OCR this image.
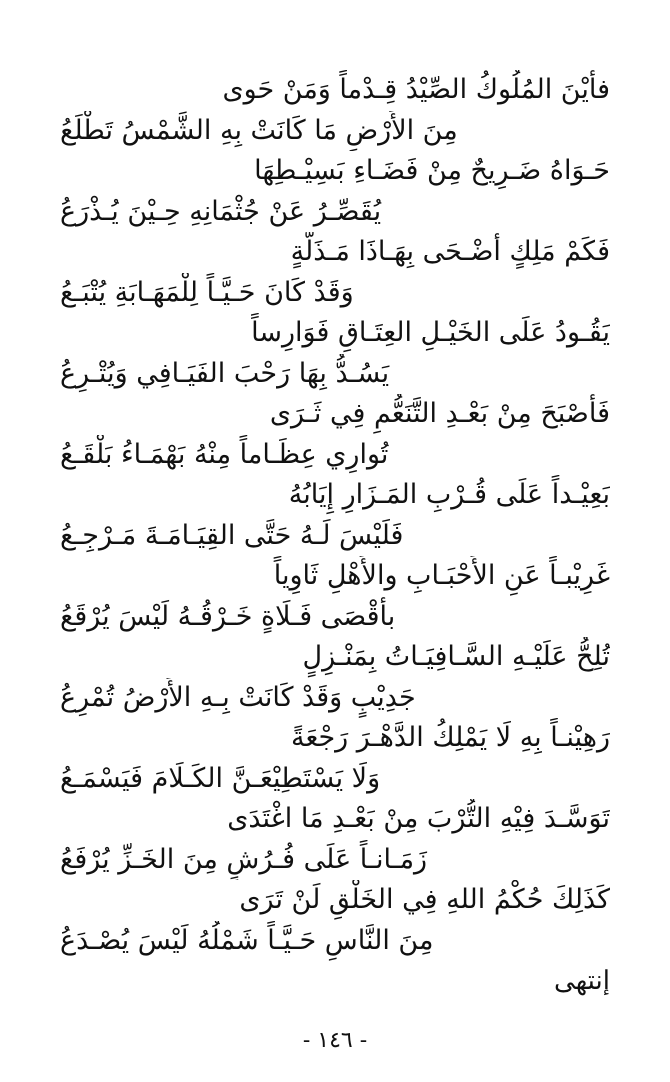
فأَيْنَ المُلُوكُ الصِّيْدُ قِـدْماً وَمَنْ حَوى
مِنَ الأَرْضِ مَا كَانَتْ بِهِ الشَّمْسُ تَطْلَعُ
حَـوَاهُ ضَـرِيحٌ مِنْ فَضَـاءِ بَسِيْـطِهَا
يُقَصِّـرُ عَنْ جُثْمَانِهِ حِـيْنَ يُـذْرَعُ
فَكَمْ مَلِكٍ أَضْـحَى بِهَـاذَا مَـذَلَّةٍ
وَقَدْ كَانَ حَـيَّـاً لِلْمَهَـابَةِ يُتْبَـعُ
يَقُـودُ عَلَى الخَيْـلِ العِتَـاقِ فَوَارِساً
يَسُـدُّ بِهَا رَحْبَ الفَيَـافِي وَيُتْـرِعُ
فَأَصْبَحَ مِنْ بَعْـدِ التَّنَعُّمِ فِي ثَـرَى
تُوارِي عِظَـاماً مِنْهُ بَهْمَـاءُ بَلْقَـعُ
بَعِيْـداً عَلَى قُـرْبِ المَـزَارِ إِيَابُهُ
فَلَيْسَ لَـهُ حَتَّى القِيَـامَـةَ مَـرْجِـعُ
غَرِيْبـاً عَنِ الأَحْبَـابِ والأَهْلِ ثَاوِياً
بأقْصَى فَـلَاةٍ خَـرْقُـهُ لَيْسَ يُرْقَعُ
تُلِحُّ عَلَيْـهِ السَّـافِيَـاتُ بِمَنْـزِلٍ
جَدِيْبٍ وَقَدْ كَانَتْ بِـهِ الأَرْضُ تُمْرِعُ
رَهِيْنـاً بِهِ لَا يَمْلِكُ الدَّهْـرَ رَجْعَةً
وَلَا يَسْتَطِيْعَـنَّ الكَـلَامَ فَيَسْمَـعُ
تَوَسَّـدَ فِيْهِ التُّرْبَ مِنْ بَعْـدِ مَا اغْتَدَى
زَمَـانـاً عَلَى فُـرُشٍ مِنَ الخَـزِّ يُرْفَعُ
كَذَلِكَ حُكْمُ اللهِ فِي الخَلْقِ لَنْ تَرَى
مِنَ النَّاسِ حَـيَّـاً شَمْلُهُ لَيْسَ يُصْـدَعُ
إنتهى
- ١٤٦ -
